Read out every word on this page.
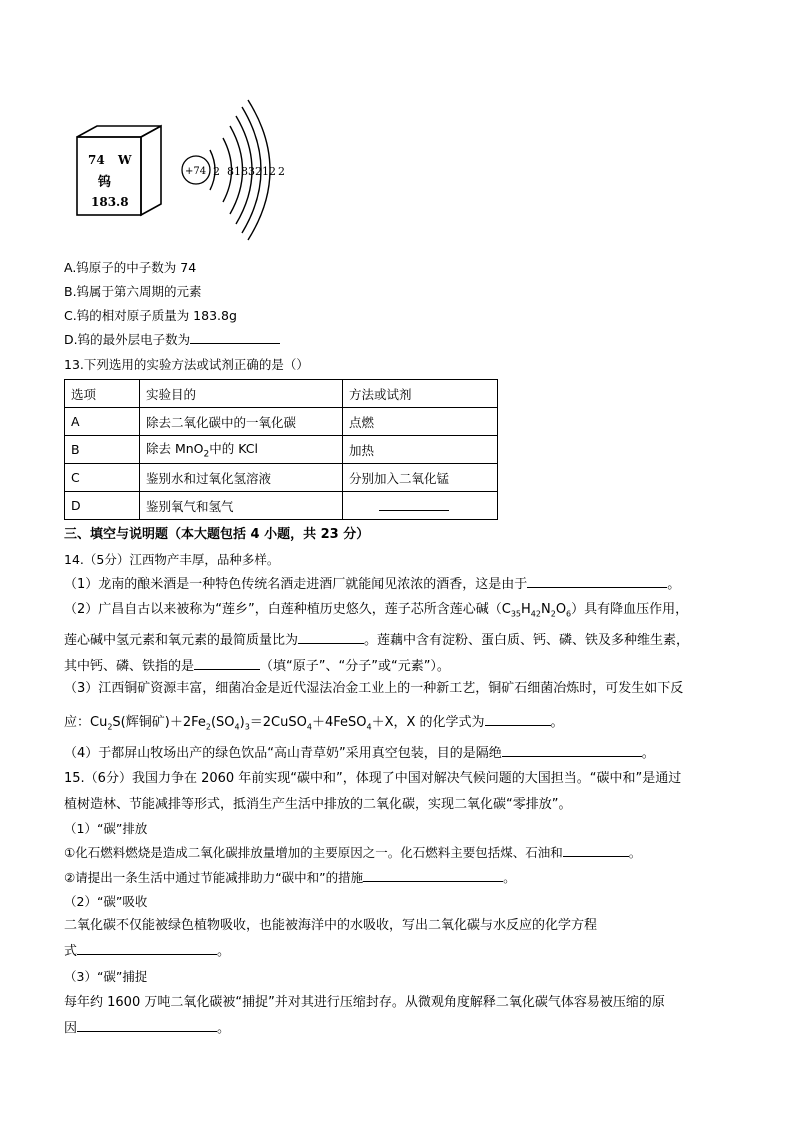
74 W
钨
183.8
+74 2 8183212 2
A.钨原子的中子数为 74
B.钨属于第六周期的元素
C.钨的相对原子质量为 183.8g
D.钨的最外层电子数为
13.下列选用的实验方法或试剂正确的是（）
选项	实验目的	方法或试剂
A	除去二氧化碳中的一氧化碳	点燃
B	除去 MnO$_2$中的 KCl	加热
C	鉴别水和过氧化氢溶液	分别加入二氧化锰
D	鉴别氧气和氢气	
三、填空与说明题（本大题包括 4 小题，共 23 分）
14.（5分）江西物产丰厚，品种多样。
（1）龙南的酿米酒是一种特色传统名酒走进酒厂就能闻见浓浓的酒香，这是由于	。
（2）广昌自古以来被称为“莲乡”，白莲种植历史悠久，莲子芯所含莲心碱$(C_{35}H_{42}N_2O_6)$具有降血压作用，
莲心碱中氢元素和氧元素的最简质量比为	。莲藕中含有淀粉、蛋白质、钙、磷、铁及多种维生素，
其中钙、磷、铁指的是	（填“原子”、“分子”或“元素”）。
（3）江西铜矿资源丰富，细菌冶金是近代湿法冶金工业上的一种新工艺，铜矿石细菌冶炼时，可发生如下反
应：$Cu_2S$(辉铜矿)$+2Fe_2(SO_4)_3=2CuSO_4+4FeSO_4+X$，X 的化学式为	。
（4）于都屏山牧场出产的绿色饮品“高山青草奶”采用真空包装，目的是隔绝	。
15.（6分）我国力争在 2060 年前实现“碳中和”，体现了中国对解决气候问题的大国担当。“碳中和”是通过
植树造林、节能减排等形式，抵消生产生活中排放的二氧化碳，实现二氧化碳“零排放”。
（1）“碳”排放
①化石燃料燃烧是造成二氧化碳排放量增加的主要原因之一。化石燃料主要包括煤、石油和	。
②请提出一条生活中通过节能减排助力“碳中和”的措施	。
（2）“碳”吸收
二氧化碳不仅能被绿色植物吸收，也能被海洋中的水吸收，写出二氧化碳与水反应的化学方程
式	。
（3）“碳”捕捉
每年约 1600 万吨二氧化碳被“捕捉”并对其进行压缩封存。从微观角度解释二氧化碳气体容易被压缩的原
因	。
